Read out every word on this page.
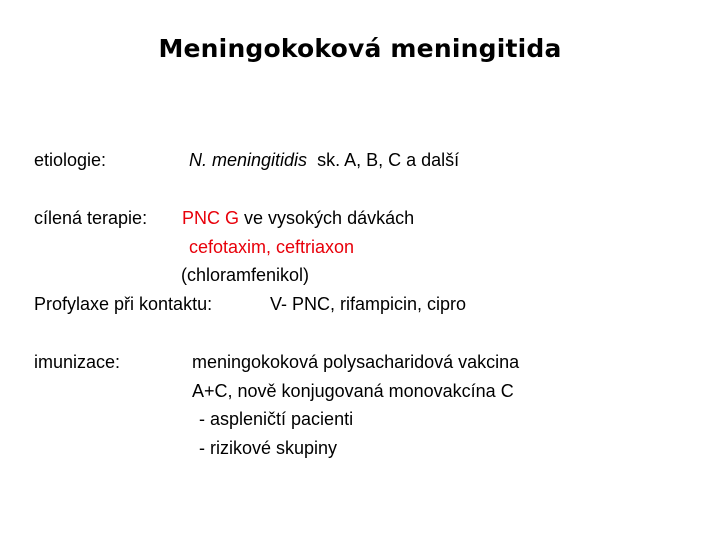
Meningokoková meningitida
etiologie:	N. meningitidis sk. A, B, C a další
cílená terapie: PNC G ve vysokých dávkách
cefotaxim, ceftriaxon
(chloramfenikol)
Profylaxe při kontaktu:	V- PNC, rifampicin, cipro
imunizace:	meningokoková polysacharidová vakcina
A+C, nově konjugovaná monovakcína C
- aspleničtí pacienti
- rizikové skupiny
